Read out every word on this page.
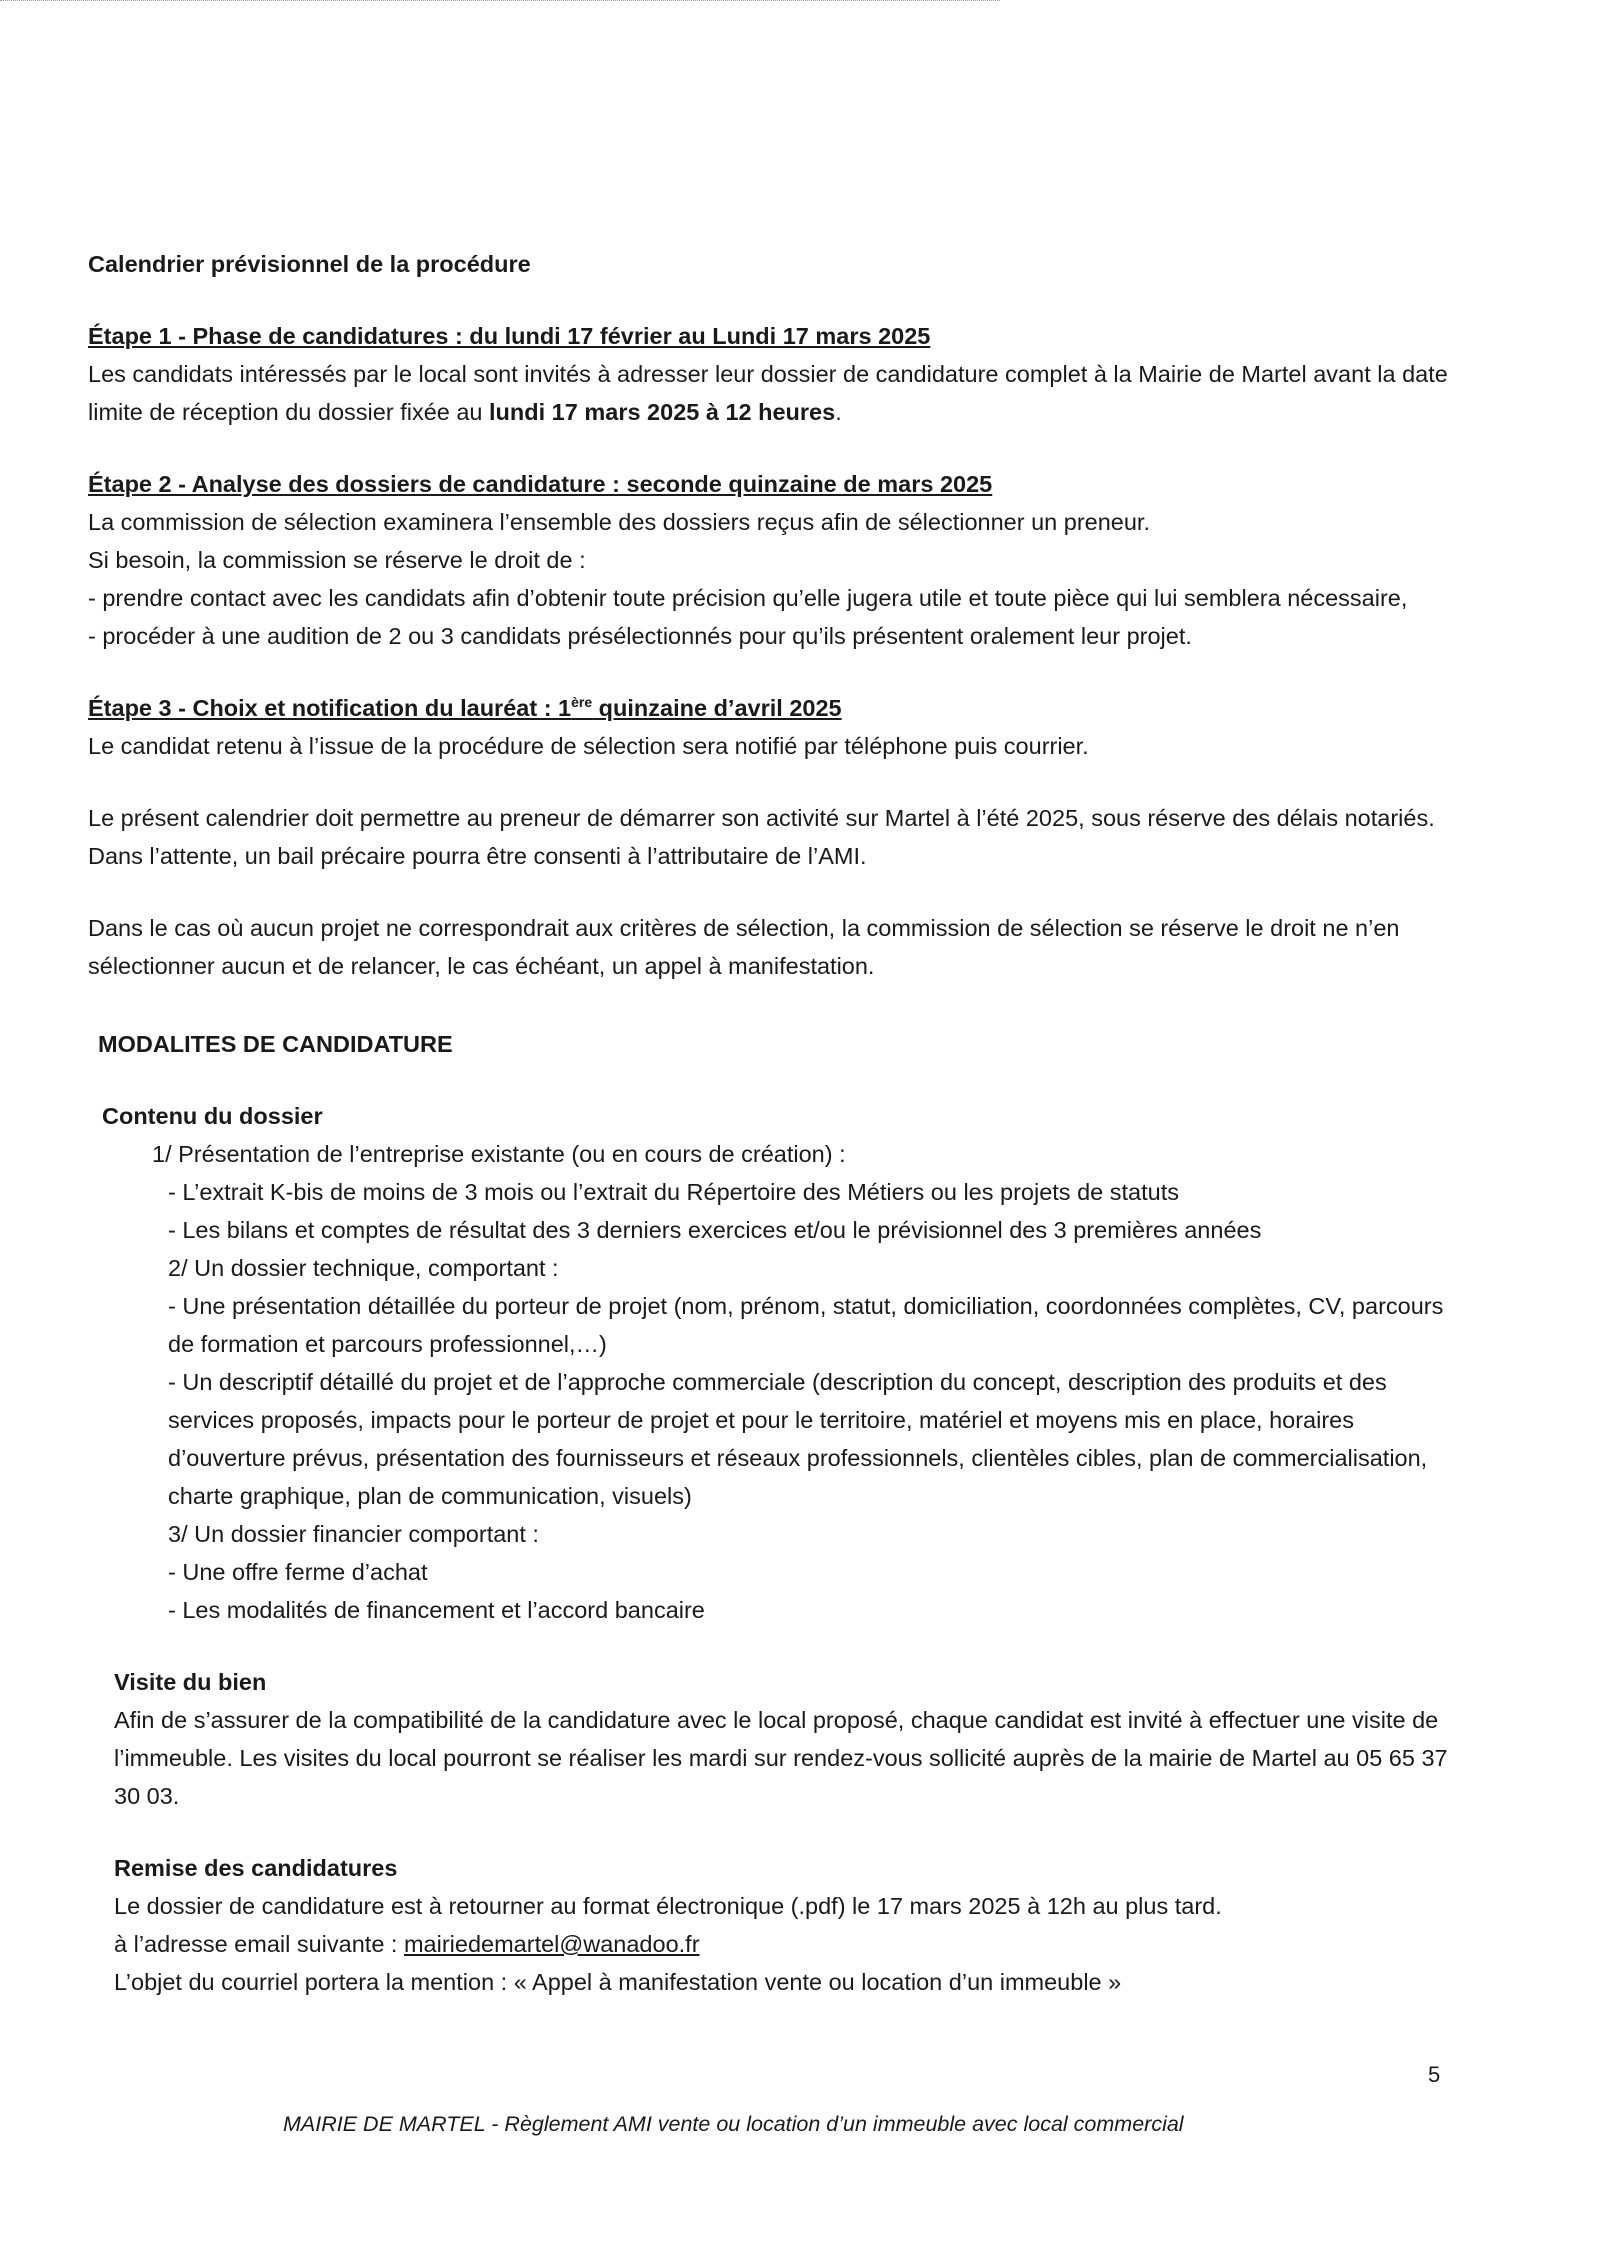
Calendrier prévisionnel de la procédure

Étape 1 - Phase de candidatures : du lundi 17 février au Lundi 17 mars 2025

Les candidats intéressés par le local sont invités à adresser leur dossier de candidature complet à la Mairie de Martel avant la date limite de réception du dossier fixée au lundi 17 mars 2025 à 12 heures.

Étape 2 - Analyse des dossiers de candidature : seconde quinzaine de mars 2025

La commission de sélection examinera l’ensemble des dossiers reçus afin de sélectionner un preneur.

Si besoin, la commission se réserve le droit de :

- prendre contact avec les candidats afin d’obtenir toute précision qu’elle jugera utile et toute pièce qui lui semblera nécessaire,

- procéder à une audition de 2 ou 3 candidats présélectionnés pour qu’ils présentent oralement leur projet.

Étape 3 - Choix et notification du lauréat : 1ère quinzaine d’avril 2025

Le candidat retenu à l’issue de la procédure de sélection sera notifié par téléphone puis courrier.

Le présent calendrier doit permettre au preneur de démarrer son activité sur Martel à l’été 2025, sous réserve des délais notariés. Dans l’attente, un bail précaire pourra être consenti à l’attributaire de l’AMI.

Dans le cas où aucun projet ne correspondrait aux critères de sélection, la commission de sélection se réserve le droit ne n’en sélectionner aucun et de relancer, le cas échéant, un appel à manifestation.

MODALITES DE CANDIDATURE

Contenu du dossier

1/ Présentation de l’entreprise existante (ou en cours de création) :

- L’extrait K-bis de moins de 3 mois ou l’extrait du Répertoire des Métiers ou les projets de statuts

- Les bilans et comptes de résultat des 3 derniers exercices et/ou le prévisionnel des 3 premières années

2/ Un dossier technique, comportant :

- Une présentation détaillée du porteur de projet (nom, prénom, statut, domiciliation, coordonnées complètes, CV, parcours de formation et parcours professionnel,…)

- Un descriptif détaillé du projet et de l’approche commerciale (description du concept, description des produits et des services proposés, impacts pour le porteur de projet et pour le territoire, matériel et moyens mis en place, horaires d’ouverture prévus, présentation des fournisseurs et réseaux professionnels, clientèles cibles, plan de commercialisation, charte graphique, plan de communication, visuels)

3/ Un dossier financier comportant :

- Une offre ferme d’achat

- Les modalités de financement et l’accord bancaire

Visite du bien

Afin de s’assurer de la compatibilité de la candidature avec le local proposé, chaque candidat est invité à effectuer une visite de l’immeuble. Les visites du local pourront se réaliser les mardi sur rendez-vous sollicité auprès de la mairie de Martel au 05 65 37 30 03.

Remise des candidatures

Le dossier de candidature est à retourner au format électronique (.pdf) le 17 mars 2025 à 12h au plus tard.

à l’adresse email suivante : mairiedemartel@wanadoo.fr

L’objet du courriel portera la mention : « Appel à manifestation vente ou location d’un immeuble »

5
MAIRIE DE MARTEL - Règlement AMI vente ou location d’un immeuble avec local commercial
